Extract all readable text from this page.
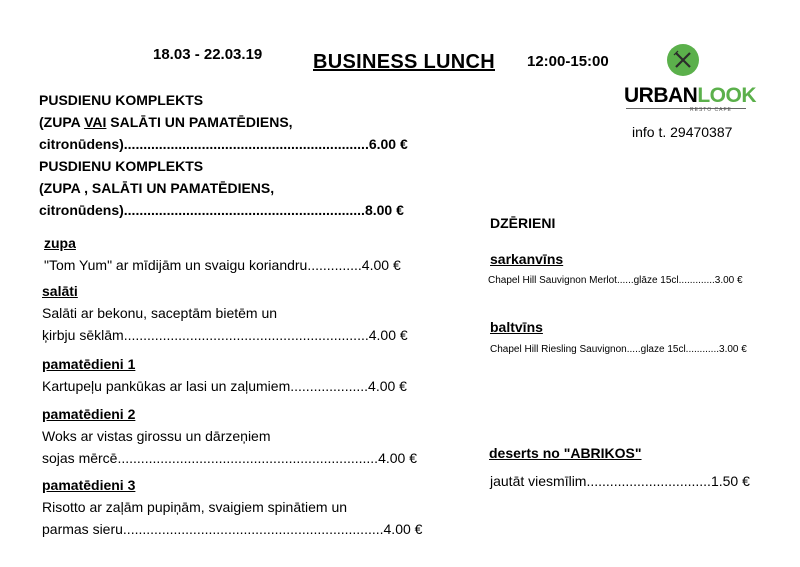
18.03 - 22.03.19	BUSINESS LUNCH 12:00-15:00
URBANLOOK
RESTO CAFE
info t. 29470387
PUSDIENU KOMPLEKTS
(ZUPA VAI SALĀTI UN PAMATĒDIENS,
citronūdens)...............................................................6.00 €
PUSDIENU KOMPLEKTS
(ZUPA , SALĀTI UN PAMATĒDIENS,
citronūdens)..............................................................8.00 €
zupa
"Tom Yum" ar mīdijām un svaigu koriandru..............4.00 €
salāti
Salāti ar bekonu, saceptām bietēm un
ķirbju sēklām...............................................................4.00 €
pamatēdieni 1
Kartupeļu pankūkas ar lasi un zaļumiem....................4.00 €
pamatēdieni 2
Woks ar vistas girossu un dārzeņiem
sojas mērcē...................................................................4.00 €
pamatēdieni 3
Risotto ar zaļām pupiņām, svaigiem spinātiem un
parmas sieru...................................................................4.00 €
DZĒRIENI
sarkanvīns
Chapel Hill Sauvignon Merlot......glāze 15cl.............3.00 €
baltvīns
Chapel Hill Riesling Sauvignon.....glaze 15cl............3.00 €
deserts no "ABRIKOS"
jautāt viesmīlim................................1.50 €
